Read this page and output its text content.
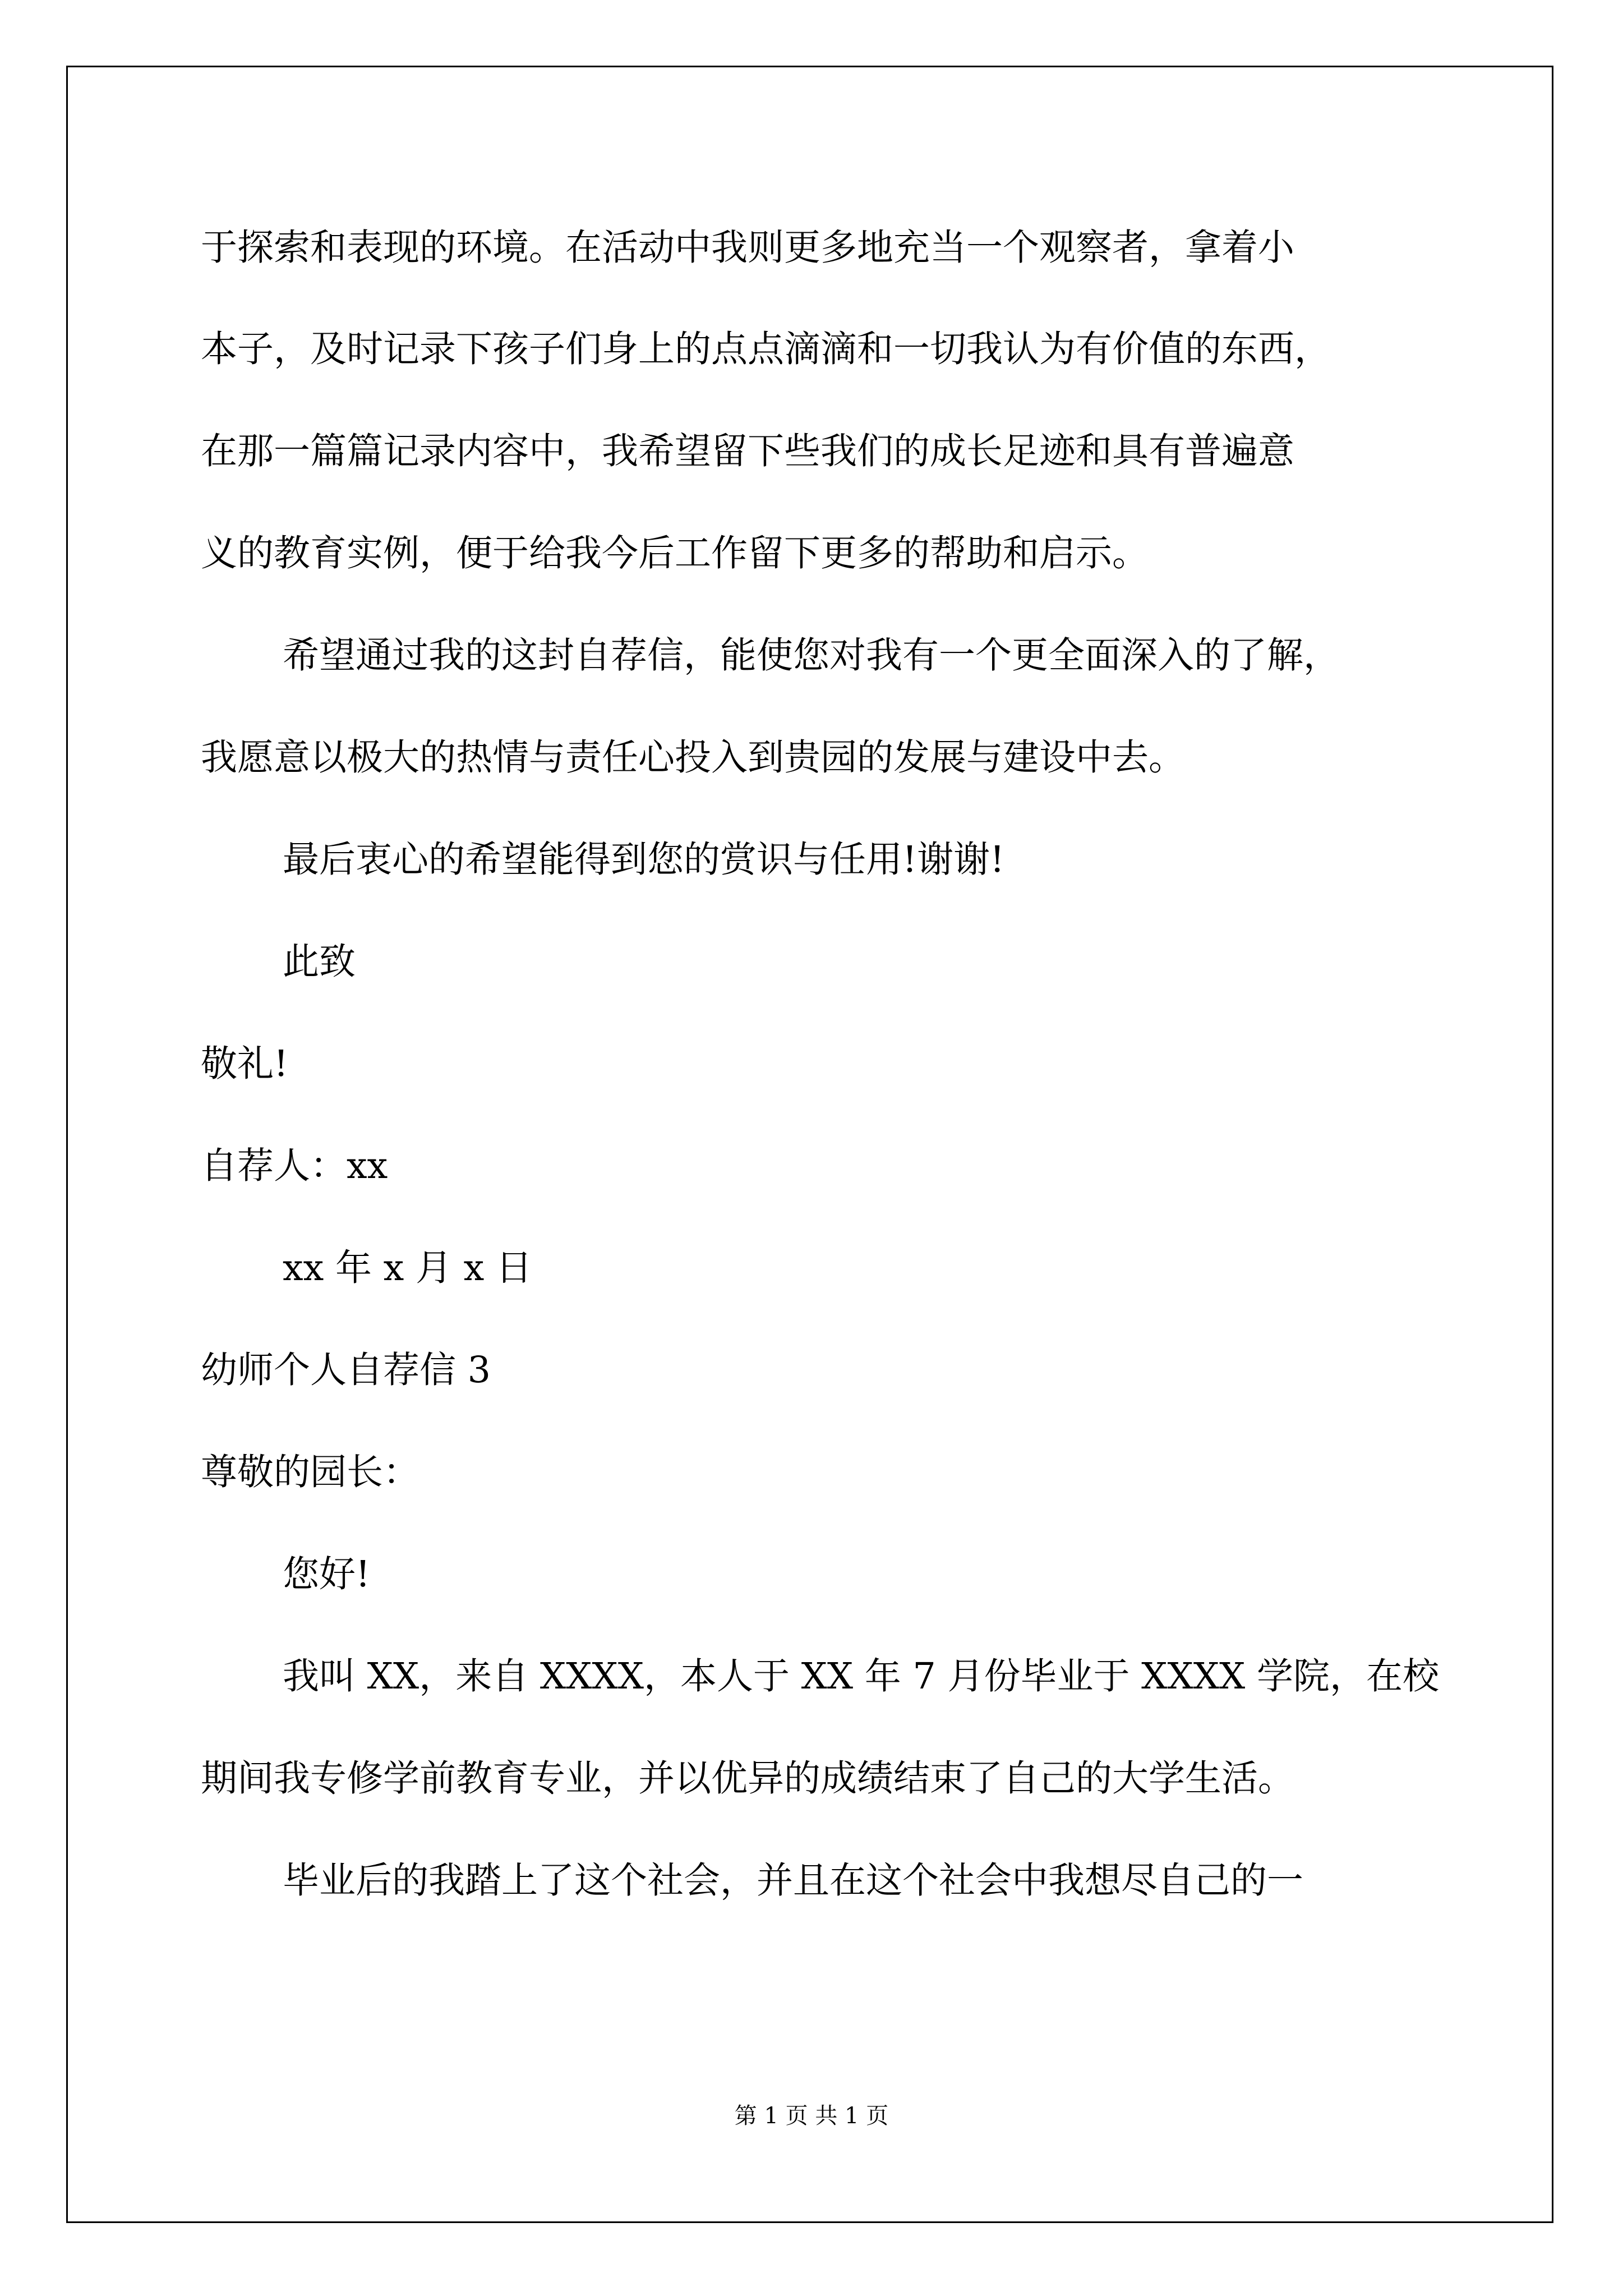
于探索和表现的环境。在活动中我则更多地充当一个观察者，拿着小
本子，及时记录下孩子们身上的点点滴滴和一切我认为有价值的东西，
在那一篇篇记录内容中，我希望留下些我们的成长足迹和具有普遍意
义的教育实例，便于给我今后工作留下更多的帮助和启示。
希望通过我的这封自荐信，能使您对我有一个更全面深入的了解，
我愿意以极大的热情与责任心投入到贵园的发展与建设中去。
最后衷心的希望能得到您的赏识与任用!谢谢!
此致
敬礼!
自荐人：xx
xx 年 x 月 x 日
幼师个人自荐信 3
尊敬的园长：
您好!
我叫 XX，来自 XXXX，本人于 XX 年 7 月份毕业于 XXXX 学院，在校
期间我专修学前教育专业，并以优异的成绩结束了自己的大学生活。
毕业后的我踏上了这个社会，并且在这个社会中我想尽自己的一
第 1 页 共 1 页
